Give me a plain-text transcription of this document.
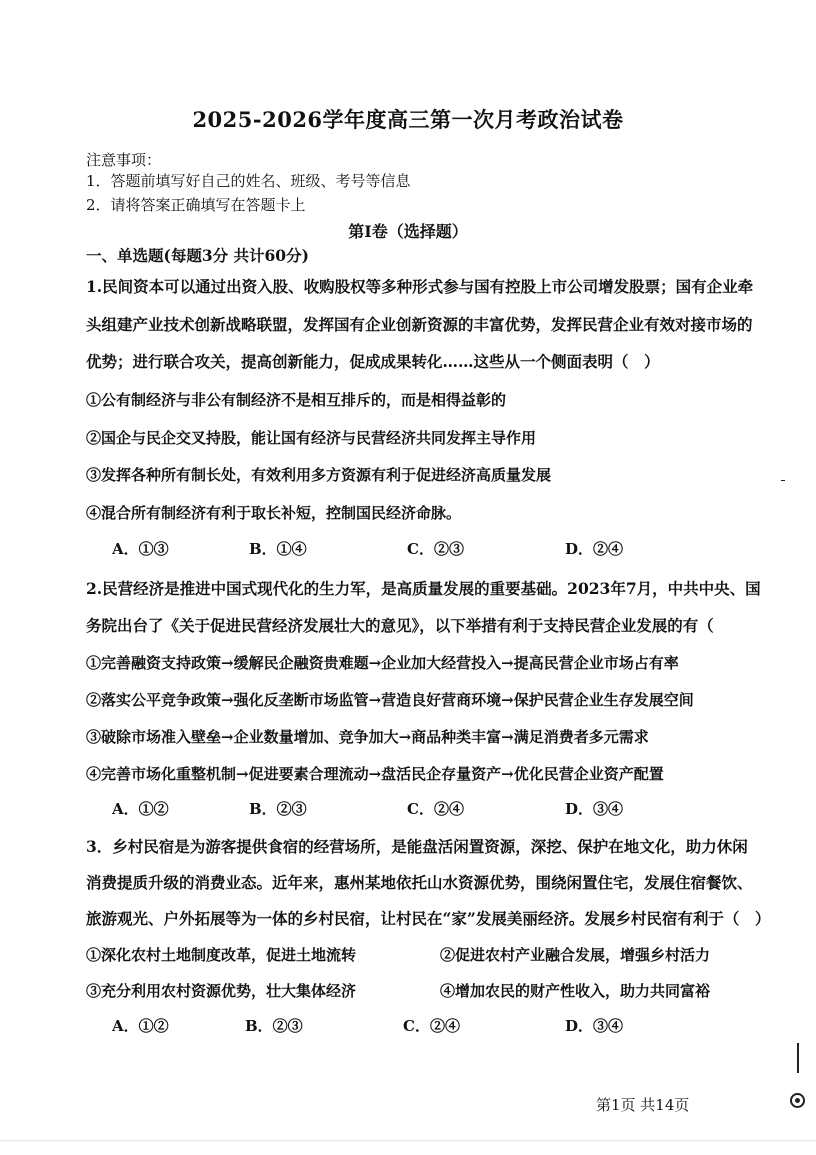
2025-2026学年度高三第一次月考政治试卷
注意事项：
1．答题前填写好自己的姓名、班级、考号等信息
2．请将答案正确填写在答题卡上
第Ⅰ卷（选择题）
一、单选题(每题3分 共计60分)
1.民间资本可以通过出资入股、收购股权等多种形式参与国有控股上市公司增发股票；国有企业牵
头组建产业技术创新战略联盟，发挥国有企业创新资源的丰富优势，发挥民营企业有效对接市场的
优势；进行联合攻关，提高创新能力，促成成果转化……这些从一个侧面表明（　）
①公有制经济与非公有制经济不是相互排斥的，而是相得益彰的
②国企与民企交叉持股，能让国有经济与民营经济共同发挥主导作用
③发挥各种所有制长处，有效利用多方资源有利于促进经济高质量发展
④混合所有制经济有利于取长补短，控制国民经济命脉。
A．①③	B．①④	C．②③	D．②④
2.民营经济是推进中国式现代化的生力军，是高质量发展的重要基础。2023年7月，中共中央、国
务院出台了《关于促进民营经济发展壮大的意见》，以下举措有利于支持民营企业发展的有（
①完善融资支持政策→缓解民企融资贵难题→企业加大经营投入→提高民营企业市场占有率
②落实公平竞争政策→强化反垄断市场监管→营造良好营商环境→保护民营企业生存发展空间
③破除市场准入壁垒→企业数量增加、竞争加大→商品种类丰富→满足消费者多元需求
④完善市场化重整机制→促进要素合理流动→盘活民企存量资产→优化民营企业资产配置
A．①②	B．②③	C．②④	D．③④
3．乡村民宿是为游客提供食宿的经营场所，是能盘活闲置资源，深挖、保护在地文化，助力休闲
消费提质升级的消费业态。近年来，惠州某地依托山水资源优势，围绕闲置住宅，发展住宿餐饮、
旅游观光、户外拓展等为一体的乡村民宿，让村民在“家”发展美丽经济。发展乡村民宿有利于（　）
①深化农村土地制度改革，促进土地流转	②促进农村产业融合发展，增强乡村活力
③充分利用农村资源优势，壮大集体经济	④增加农民的财产性收入，助力共同富裕
A．①②	B．②③	C．②④	D．③④
第1页 共14页
